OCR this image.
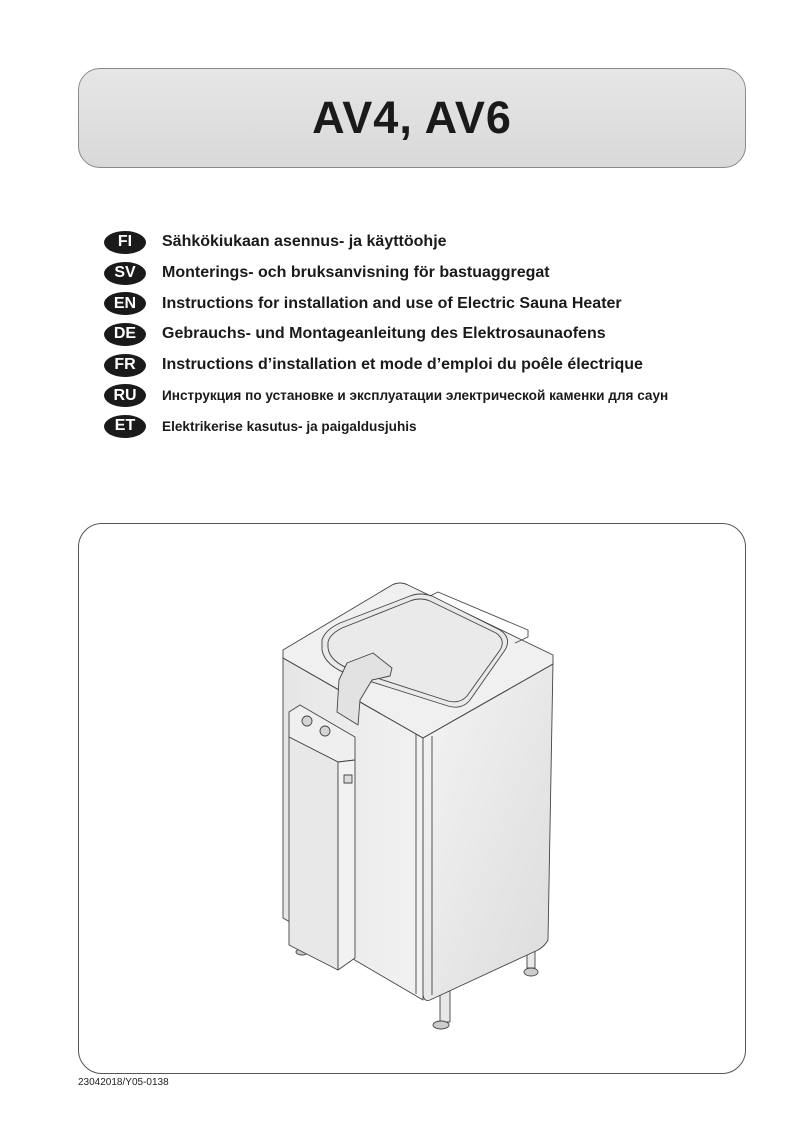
AV4, AV6
FI	Sähkökiukaan asennus- ja käyttöohje
SV	Monterings- och bruksanvisning för bastuaggregat
EN	Instructions for installation and use of Electric Sauna Heater
DE	Gebrauchs- und Montageanleitung des Elektrosaunaofens
FR	Instructions d’installation et mode d’emploi du poêle électrique
RU	Инструкция по установке и эксплуатации электрической каменки для саун
ET	Elektrikerise kasutus- ja paigaldusjuhis
23042018/Y05-0138
